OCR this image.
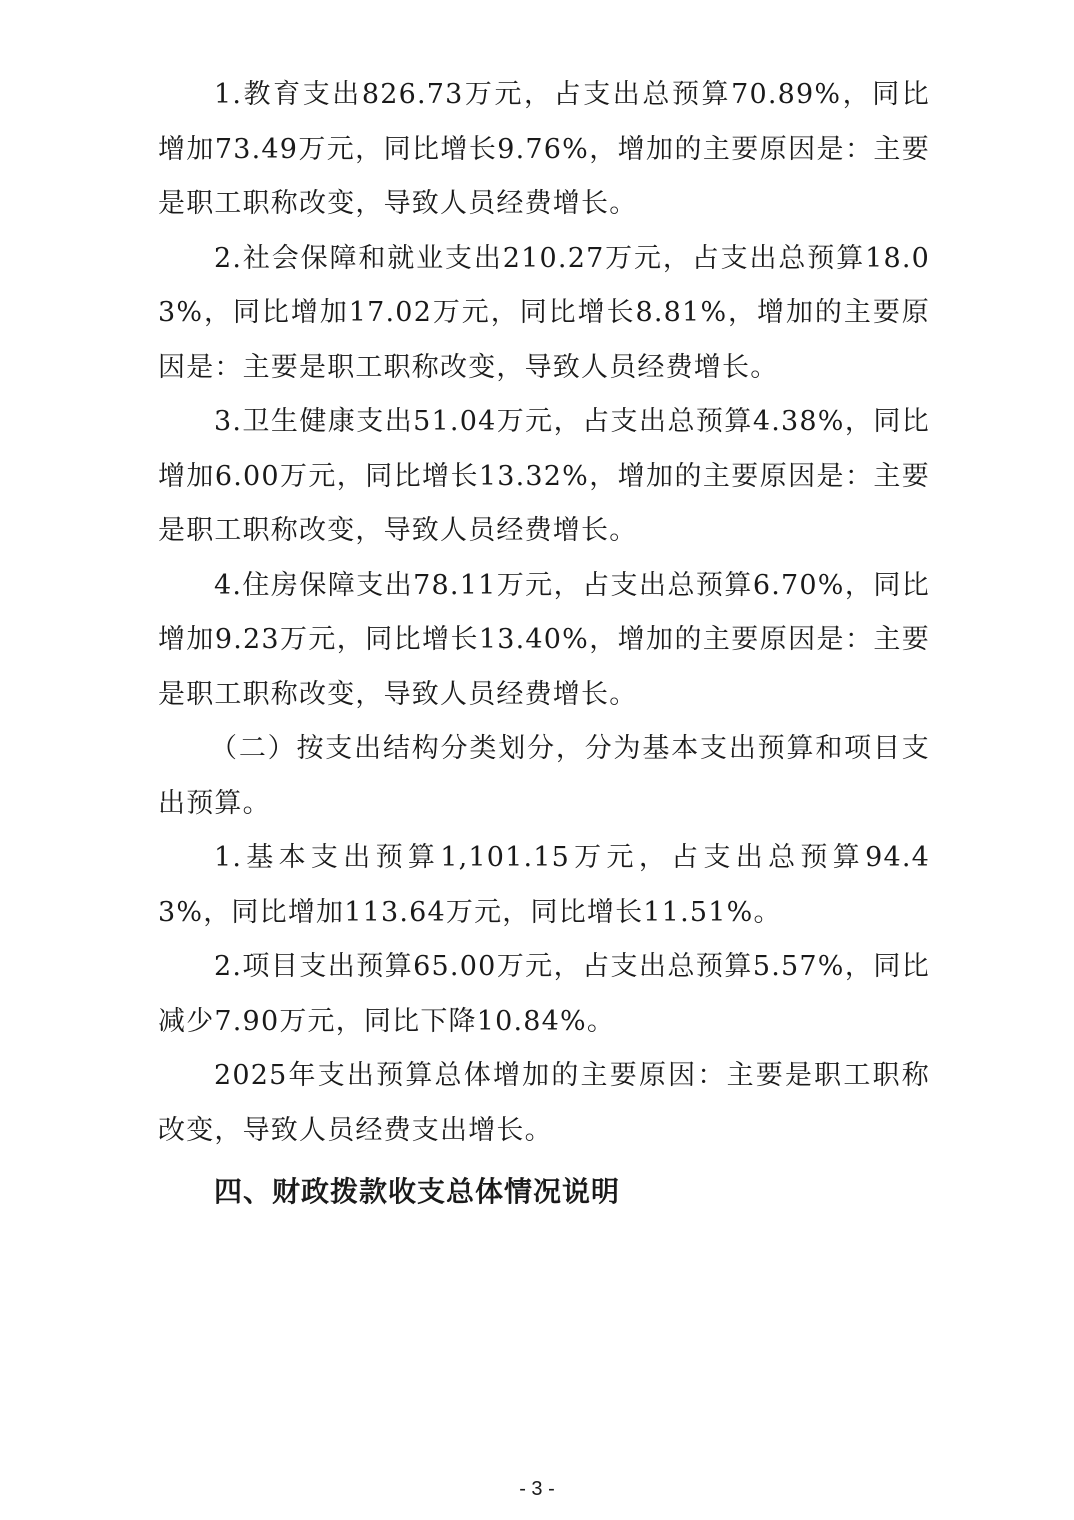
1.教育支出826.73万元，占支出总预算70.89%，同比增加73.49万元，同比增长9.76%，增加的主要原因是：主要是职工职称改变，导致人员经费增长。

2.社会保障和就业支出210.27万元，占支出总预算18.03%，同比增加17.02万元，同比增长8.81%，增加的主要原因是：主要是职工职称改变，导致人员经费增长。

3.卫生健康支出51.04万元，占支出总预算4.38%，同比增加6.00万元，同比增长13.32%，增加的主要原因是：主要是职工职称改变，导致人员经费增长。

4.住房保障支出78.11万元，占支出总预算6.70%，同比增加9.23万元，同比增长13.40%，增加的主要原因是：主要是职工职称改变，导致人员经费增长。

（二）按支出结构分类划分，分为基本支出预算和项目支出预算。

1.基本支出预算1,101.15万元，占支出总预算94.43%，同比增加113.64万元，同比增长11.51%。

2.项目支出预算65.00万元，占支出总预算5.57%，同比减少7.90万元，同比下降10.84%。

2025年支出预算总体增加的主要原因：主要是职工职称改变，导致人员经费支出增长。

四、财政拨款收支总体情况说明
- 3 -
